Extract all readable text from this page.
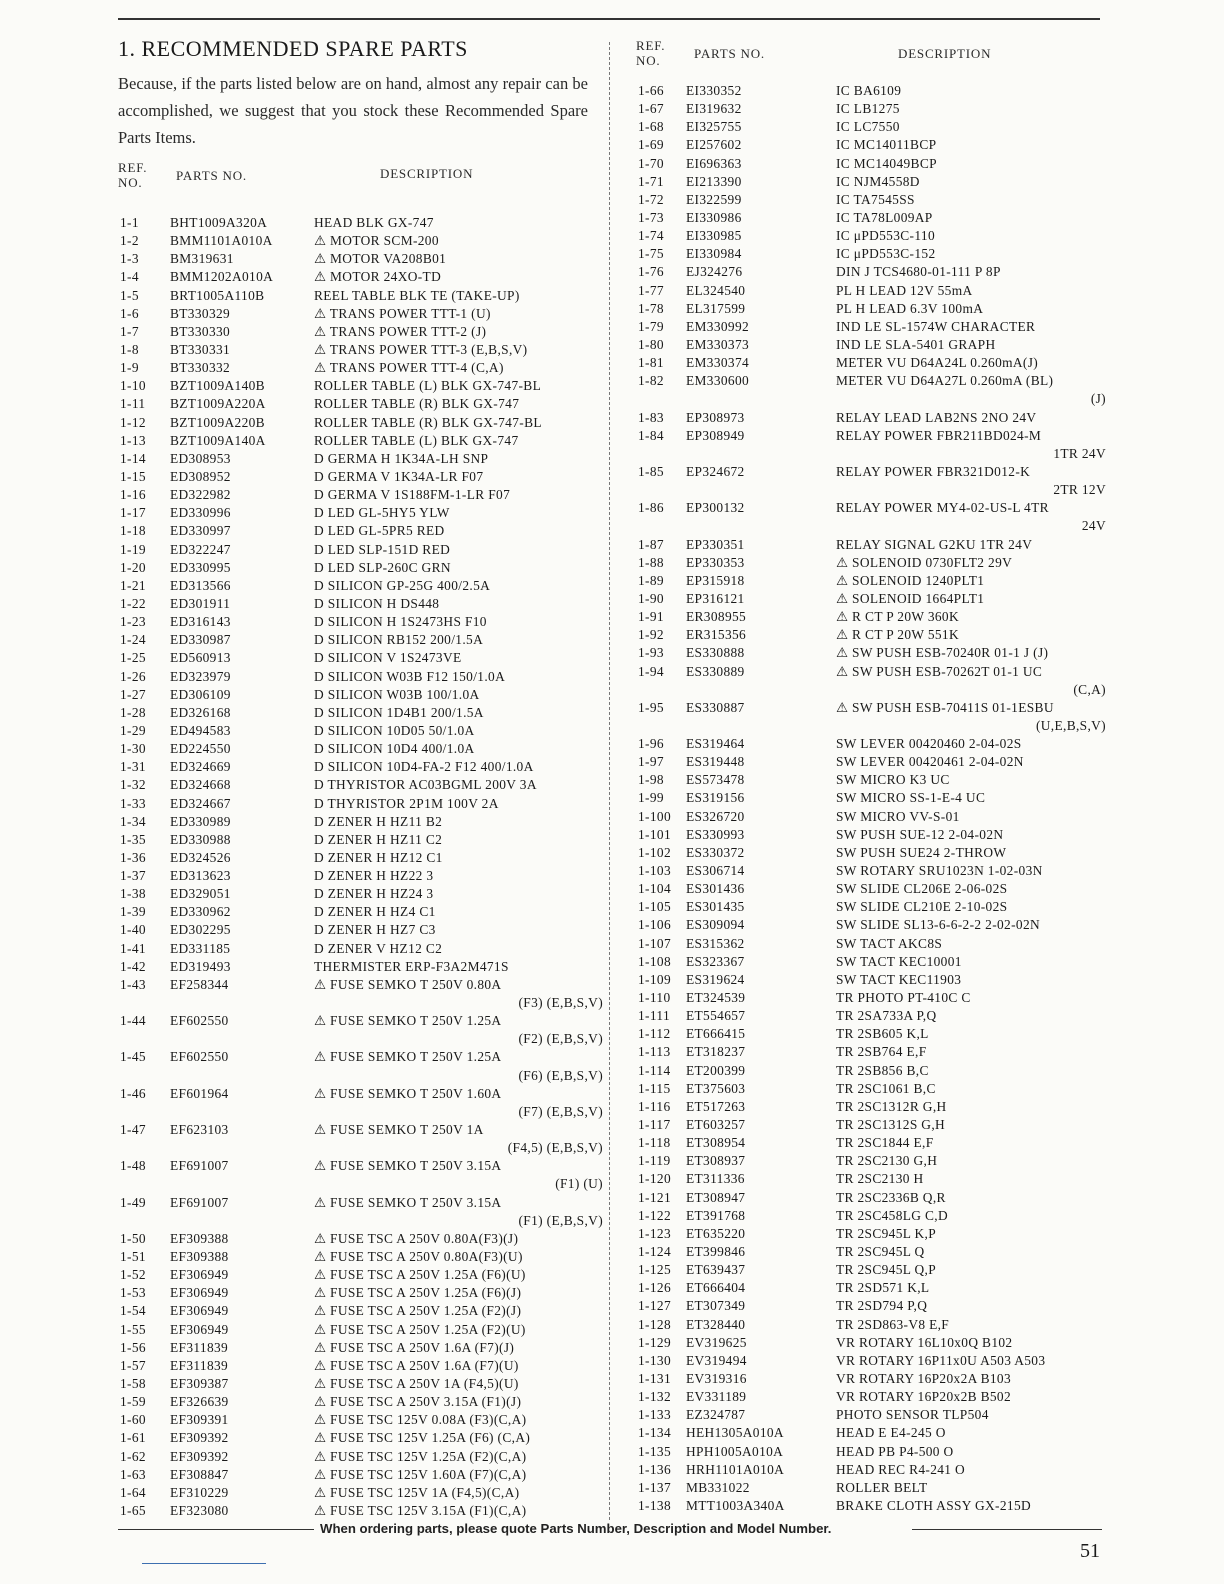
1. RECOMMENDED SPARE PARTS

Because, if the parts listed below are on hand, almost any repair can be accomplished, we suggest that you stock these Recommended Spare Parts Items.

REF. NO.	PARTS NO.	DESCRIPTION
1-1 BHT1009A320A	HEAD BLK GX-747
1-2 BMM1101A010A	⚠ MOTOR SCM-200
1-3 BM319631	⚠ MOTOR VA208B01
1-4 BMM1202A010A	⚠ MOTOR 24XO-TD
1-5 BRT1005A110B	REEL TABLE BLK TE (TAKE-UP)
1-6 BT330329	⚠ TRANS POWER TTT-1 (U)
1-7 BT330330	⚠ TRANS POWER TTT-2 (J)
1-8 BT330331	⚠ TRANS POWER TTT-3 (E,B,S,V)
1-9 BT330332	⚠ TRANS POWER TTT-4 (C,A)
1-10 BZT1009A140B	ROLLER TABLE (L) BLK GX-747-BL
1-11 BZT1009A220A	ROLLER TABLE (R) BLK GX-747
1-12 BZT1009A220B	ROLLER TABLE (R) BLK GX-747-BL
1-13 BZT1009A140A	ROLLER TABLE (L) BLK GX-747
1-14 ED308953	D GERMA H 1K34A-LH SNP
1-15 ED308952	D GERMA V 1K34A-LR F07
1-16 ED322982	D GERMA V 1S188FM-1-LR F07
1-17 ED330996	D LED GL-5HY5 YLW
1-18 ED330997	D LED GL-5PR5 RED
1-19 ED322247	D LED SLP-151D RED
1-20 ED330995	D LED SLP-260C GRN
1-21 ED313566	D SILICON GP-25G 400/2.5A
1-22 ED301911	D SILICON H DS448
1-23 ED316143	D SILICON H 1S2473HS F10
1-24 ED330987	D SILICON RB152 200/1.5A
1-25 ED560913	D SILICON V 1S2473VE
1-26 ED323979	D SILICON W03B F12 150/1.0A
1-27 ED306109	D SILICON W03B 100/1.0A
1-28 ED326168	D SILICON 1D4B1 200/1.5A
1-29 ED494583	D SILICON 10D05 50/1.0A
1-30 ED224550	D SILICON 10D4 400/1.0A
1-31 ED324669	D SILICON 10D4-FA-2 F12 400/1.0A
1-32 ED324668	D THYRISTOR AC03BGML 200V 3A
1-33 ED324667	D THYRISTOR 2P1M 100V 2A
1-34 ED330989	D ZENER H HZ11 B2
1-35 ED330988	D ZENER H HZ11 C2
1-36 ED324526	D ZENER H HZ12 C1
1-37 ED313623	D ZENER H HZ22 3
1-38 ED329051	D ZENER H HZ24 3
1-39 ED330962	D ZENER H HZ4 C1
1-40 ED302295	D ZENER H HZ7 C3
1-41 ED331185	D ZENER V HZ12 C2
1-42 ED319493	THERMISTER ERP-F3A2M471S
1-43 EF258344	⚠ FUSE SEMKO T 250V 0.80A
(F3) (E,B,S,V)
1-44 EF602550	⚠ FUSE SEMKO T 250V 1.25A
(F2) (E,B,S,V)
1-45 EF602550	⚠ FUSE SEMKO T 250V 1.25A
(F6) (E,B,S,V)
1-46 EF601964	⚠ FUSE SEMKO T 250V 1.60A
(F7) (E,B,S,V)
1-47 EF623103	⚠ FUSE SEMKO T 250V 1A
(F4,5) (E,B,S,V)
1-48 EF691007	⚠ FUSE SEMKO T 250V 3.15A
(F1) (U)
1-49 EF691007	⚠ FUSE SEMKO T 250V 3.15A
(F1) (E,B,S,V)
1-50 EF309388	⚠ FUSE TSC A 250V 0.80A(F3)(J)
1-51 EF309388	⚠ FUSE TSC A 250V 0.80A(F3)(U)
1-52 EF306949	⚠ FUSE TSC A 250V 1.25A (F6)(U)
1-53 EF306949	⚠ FUSE TSC A 250V 1.25A (F6)(J)
1-54 EF306949	⚠ FUSE TSC A 250V 1.25A (F2)(J)
1-55 EF306949	⚠ FUSE TSC A 250V 1.25A (F2)(U)
1-56 EF311839	⚠ FUSE TSC A 250V 1.6A (F7)(J)
1-57 EF311839	⚠ FUSE TSC A 250V 1.6A (F7)(U)
1-58 EF309387	⚠ FUSE TSC A 250V 1A (F4,5)(U)
1-59 EF326639	⚠ FUSE TSC A 250V 3.15A (F1)(J)
1-60 EF309391	⚠ FUSE TSC 125V 0.08A (F3)(C,A)
1-61 EF309392	⚠ FUSE TSC 125V 1.25A (F6) (C,A)
1-62 EF309392	⚠ FUSE TSC 125V 1.25A (F2)(C,A)
1-63 EF308847	⚠ FUSE TSC 125V 1.60A (F7)(C,A)
1-64 EF310229	⚠ FUSE TSC 125V 1A (F4,5)(C,A)
1-65 EF323080	⚠ FUSE TSC 125V 3.15A (F1)(C,A)
REF. NO.	PARTS NO.	DESCRIPTION
1-66 EI330352	IC BA6109
1-67 EI319632	IC LB1275
1-68 EI325755	IC LC7550
1-69 EI257602	IC MC14011BCP
1-70 EI696363	IC MC14049BCP
1-71 EI213390	IC NJM4558D
1-72 EI322599	IC TA7545SS
1-73 EI330986	IC TA78L009AP
1-74 EI330985	IC μPD553C-110
1-75 EI330984	IC μPD553C-152
1-76 EJ324276	DIN J TCS4680-01-111 P 8P
1-77 EL324540	PL H LEAD 12V 55mA
1-78 EL317599	PL H LEAD 6.3V 100mA
1-79 EM330992	IND LE SL-1574W CHARACTER
1-80 EM330373	IND LE SLA-5401 GRAPH
1-81 EM330374	METER VU D64A24L 0.260mA(J)
1-82 EM330600	METER VU D64A27L 0.260mA (BL)
(J)
1-83 EP308973	RELAY LEAD LAB2NS 2NO 24V
1-84 EP308949	RELAY POWER FBR211BD024-M
1TR 24V
1-85 EP324672	RELAY POWER FBR321D012-K
2TR 12V
1-86 EP300132	RELAY POWER MY4-02-US-L 4TR
24V
1-87 EP330351	RELAY SIGNAL G2KU 1TR 24V
1-88 EP330353	⚠ SOLENOID 0730FLT2 29V
1-89 EP315918	⚠ SOLENOID 1240PLT1
1-90 EP316121	⚠ SOLENOID 1664PLT1
1-91 ER308955	⚠ R CT P 20W 360K
1-92 ER315356	⚠ R CT P 20W 551K
1-93 ES330888	⚠ SW PUSH ESB-70240R 01-1 J (J)
1-94 ES330889	⚠ SW PUSH ESB-70262T 01-1 UC
(C,A)
1-95 ES330887	⚠ SW PUSH ESB-70411S 01-1ESBU
(U,E,B,S,V)
1-96 ES319464	SW LEVER 00420460 2-04-02S
1-97 ES319448	SW LEVER 00420461 2-04-02N
1-98 ES573478	SW MICRO K3 UC
1-99 ES319156	SW MICRO SS-1-E-4 UC
1-100 ES326720	SW MICRO VV-S-01
1-101 ES330993	SW PUSH SUE-12 2-04-02N
1-102 ES330372	SW PUSH SUE24 2-THROW
1-103 ES306714	SW ROTARY SRU1023N 1-02-03N
1-104 ES301436	SW SLIDE CL206E 2-06-02S
1-105 ES301435	SW SLIDE CL210E 2-10-02S
1-106 ES309094	SW SLIDE SL13-6-6-2-2 2-02-02N
1-107 ES315362	SW TACT AKC8S
1-108 ES323367	SW TACT KEC10001
1-109 ES319624	SW TACT KEC11903
1-110 ET324539	TR PHOTO PT-410C C
1-111 ET554657	TR 2SA733A P,Q
1-112 ET666415	TR 2SB605 K,L
1-113 ET318237	TR 2SB764 E,F
1-114 ET200399	TR 2SB856 B,C
1-115 ET375603	TR 2SC1061 B,C
1-116 ET517263	TR 2SC1312R G,H
1-117 ET603257	TR 2SC1312S G,H
1-118 ET308954	TR 2SC1844 E,F
1-119 ET308937	TR 2SC2130 G,H
1-120 ET311336	TR 2SC2130 H
1-121 ET308947	TR 2SC2336B Q,R
1-122 ET391768	TR 2SC458LG C,D
1-123 ET635220	TR 2SC945L K,P
1-124 ET399846	TR 2SC945L Q
1-125 ET639437	TR 2SC945L Q,P
1-126 ET666404	TR 2SD571 K,L
1-127 ET307349	TR 2SD794 P,Q
1-128 ET328440	TR 2SD863-V8 E,F
1-129 EV319625	VR ROTARY 16L10x0Q B102
1-130 EV319494	VR ROTARY 16P11x0U A503 A503
1-131 EV319316	VR ROTARY 16P20x2A B103
1-132 EV331189	VR ROTARY 16P20x2B B502
1-133 EZ324787	PHOTO SENSOR TLP504
1-134 HEH1305A010A	HEAD E E4-245 O
1-135 HPH1005A010A	HEAD PB P4-500 O
1-136 HRH1101A010A	HEAD REC R4-241 O
1-137 MB331022	ROLLER BELT
1-138 MTT1003A340A	BRAKE CLOTH ASSY GX-215D
When ordering parts, please quote Parts Number, Description and Model Number.
51
